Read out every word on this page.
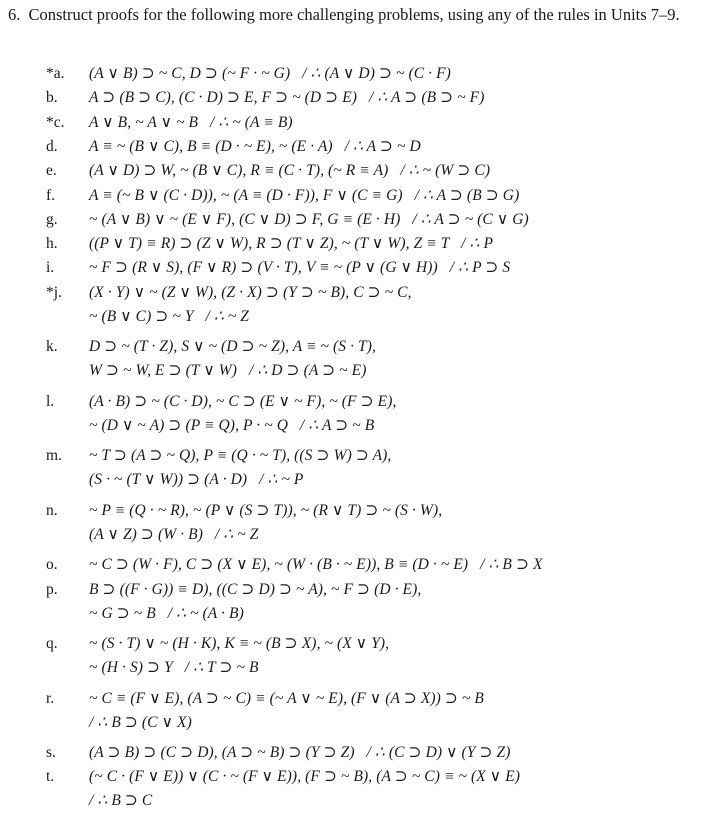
6. Construct proofs for the following more challenging problems, using any of the rules in Units 7–9.
*a.	(A ∨ B) ⊃ ~ C, D ⊃ (~ F · ~ G)   / ∴ (A ∨ D) ⊃ ~ (C · F)
b.	A ⊃ (B ⊃ C), (C · D) ⊃ E, F ⊃ ~ (D ⊃ E)   / ∴ A ⊃ (B ⊃ ~ F)
*c.	A ∨ B, ~ A ∨ ~ B   / ∴ ~ (A ≡ B)
d.	A ≡ ~ (B ∨ C), B ≡ (D · ~ E), ~ (E · A)   / ∴ A ⊃ ~ D
e.	(A ∨ D) ⊃ W, ~ (B ∨ C), R ≡ (C · T), (~ R ≡ A)   / ∴ ~ (W ⊃ C)
f.	A ≡ (~ B ∨ (C · D)), ~ (A ≡ (D · F)), F ∨ (C ≡ G)   / ∴ A ⊃ (B ⊃ G)
g.	~ (A ∨ B) ∨ ~ (E ∨ F), (C ∨ D) ⊃ F, G ≡ (E · H)   / ∴ A ⊃ ~ (C ∨ G)
h.	((P ∨ T) ≡ R) ⊃ (Z ∨ W), R ⊃ (T ∨ Z), ~ (T ∨ W), Z ≡ T   / ∴ P
i.	~ F ⊃ (R ∨ S), (F ∨ R) ⊃ (V · T), V ≡ ~ (P ∨ (G ∨ H))   / ∴ P ⊃ S
*j.	(X · Y) ∨ ~ (Z ∨ W), (Z · X) ⊃ (Y ⊃ ~ B), C ⊃ ~ C,
~ (B ∨ C) ⊃ ~ Y   / ∴ ~ Z
k.	D ⊃ ~ (T · Z), S ∨ ~ (D ⊃ ~ Z), A ≡ ~ (S · T),
W ⊃ ~ W, E ⊃ (T ∨ W)   / ∴ D ⊃ (A ⊃ ~ E)
l.	(A · B) ⊃ ~ (C · D), ~ C ⊃ (E ∨ ~ F), ~ (F ⊃ E),
~ (D ∨ ~ A) ⊃ (P ≡ Q), P · ~ Q   / ∴ A ⊃ ~ B
m.	~ T ⊃ (A ⊃ ~ Q), P ≡ (Q · ~ T), ((S ⊃ W) ⊃ A),
(S · ~ (T ∨ W)) ⊃ (A · D)   / ∴ ~ P
n.	~ P ≡ (Q · ~ R), ~ (P ∨ (S ⊃ T)), ~ (R ∨ T) ⊃ ~ (S · W),
(A ∨ Z) ⊃ (W · B)   / ∴ ~ Z
o.	~ C ⊃ (W · F), C ⊃ (X ∨ E), ~ (W · (B · ~ E)), B ≡ (D · ~ E)   / ∴ B ⊃ X
p.	B ⊃ ((F · G)) ≡ D), ((C ⊃ D) ⊃ ~ A), ~ F ⊃ (D · E),
~ G ⊃ ~ B   / ∴ ~ (A · B)
q.	~ (S · T) ∨ ~ (H · K), K ≡ ~ (B ⊃ X), ~ (X ∨ Y),
~ (H · S) ⊃ Y   / ∴ T ⊃ ~ B
r.	~ C ≡ (F ∨ E), (A ⊃ ~ C) ≡ (~ A ∨ ~ E), (F ∨ (A ⊃ X)) ⊃ ~ B
/ ∴ B ⊃ (C ∨ X)
s.	(A ⊃ B) ⊃ (C ⊃ D), (A ⊃ ~ B) ⊃ (Y ⊃ Z)   / ∴ (C ⊃ D) ∨ (Y ⊃ Z)
t.	(~ C · (F ∨ E)) ∨ (C · ~ (F ∨ E)), (F ⊃ ~ B), (A ⊃ ~ C) ≡ ~ (X ∨ E)
/ ∴ B ⊃ C
